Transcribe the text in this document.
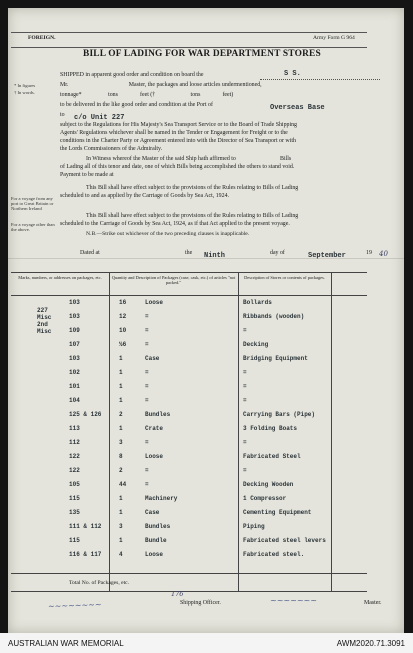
FOREIGN.	Army Form G 964
BILL OF LADING FOR WAR DEPARTMENT STORES
* In figures
† In words.
For a voyage from any port to Great Britain or Northern Ireland
For a voyage other than the above.
SHIPPED in apparent good order and condition on board the	S S.
Mr.                                         Master, the packages and loose articles undermentioned,
tonnage*                  tons               feet (†                        tons               feet)
to be delivered in the like good order and condition at the Port of	Overseas Base
to c/o Unit 227
subject to the Regulations for His Majesty's Sea Transport Service or to the Board of Trade Shipping
Agents' Regulations whichever shall be named in the Tender or Engagement for Freight or to the
conditions in the Charter Party or Agreement entered into with the Director of Sea Transport or with
the Lords Commissioners of the Admiralty.
In Witness whereof the Master of the said Ship hath affirmed to                              Bills
of Lading all of this tenor and date, one of which Bills being accomplished the others to stand void.
Payment to be made at
This Bill shall have effect subject to the provisions of the Rules relating to Bills of Lading
scheduled to and as applied by the Carriage of Goods by Sea Act, 1924.
This Bill shall have effect subject to the provisions of the Rules relating to Bills of Lading
scheduled to the Carriage of Goods by Sea Act, 1924, as if that Act applied to the present voyage.
N.B.—Strike out whichever of the two preceding clauses is inapplicable.
Dated at	the Ninth	day of	September	19 40
Marks, numbers, or addresses on packages, etc.	Quantity and Description of Packages (case, cask, etc.) of articles "not packed."
Description of Stores or contents of packages.
227
Misc
2nd
Misc
103	16	Loose	Bollards
103	12	=	Ribbands (wooden)
109	10	=	=
107	½6	=	Decking
103	1	Case	Bridging Equipment
102	1	=	=
101	1	=	=
104	1	=	=
125 & 126	2	Bundles	Carrying Bars (Pipe)
113	1	Crate	3 Folding Boats
112	3	=	=
122	8	Loose	Fabricated Steel
122	2	=	=
105	44	=	Decking Wooden
115	1	Machinery	1 Compressor
135	1	Case	Cementing Equipment
111 & 112	3	Bundles	Piping
115	1	Bundle	Fabricated steel levers
116 & 117	4	Loose	Fabricated steel.
Total No. of Packages, etc.
176
~~~~~~~~	Shipping Officer.	~~~~~~~	Master.
AUSTRALIAN WAR MEMORIAL	AWM2020.71.3091
